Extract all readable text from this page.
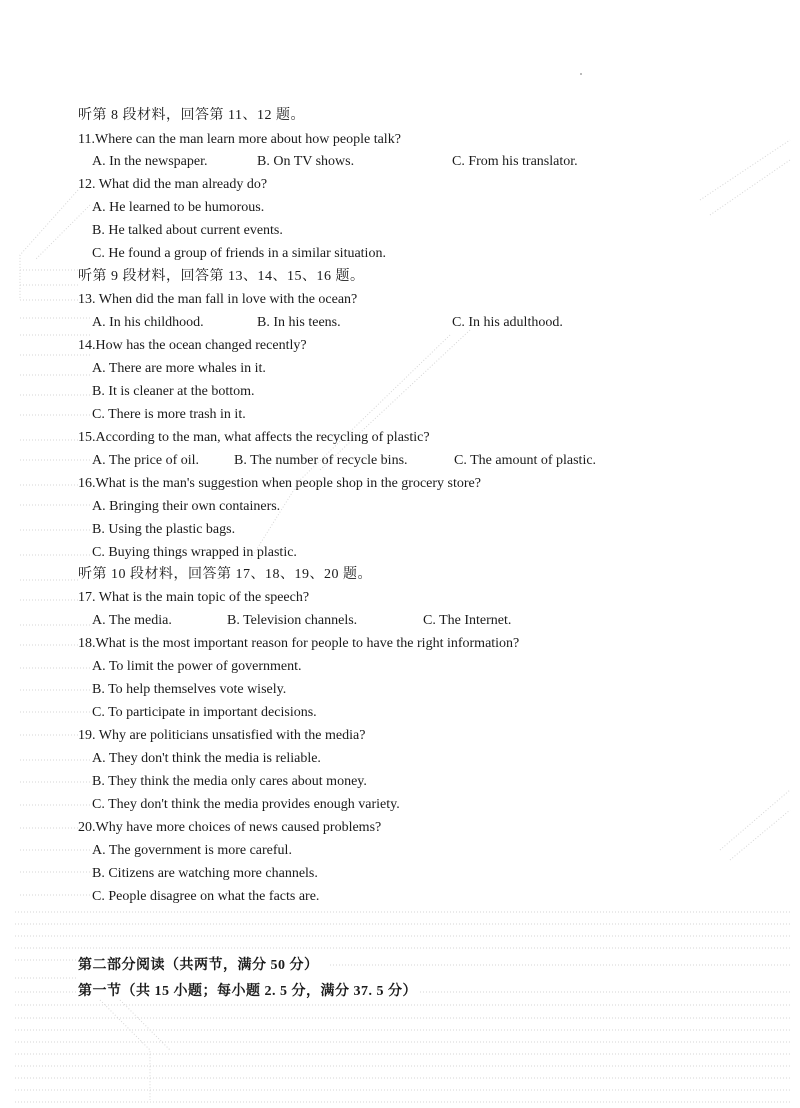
听第 8 段材料，回答第 11、12 题。
11.Where can the man learn more about how people talk?
A. In the newspaper.	B. On TV shows.	C. From his translator.
12. What did the man already do?
A. He learned to be humorous.
B. He talked about current events.
C. He found a group of friends in a similar situation.
听第 9 段材料，回答第 13、14、15、16 题。
13. When did the man fall in love with the ocean?
A. In his childhood.	B. In his teens.	C. In his adulthood.
14.How has the ocean changed recently?
A. There are more whales in it.
B. It is cleaner at the bottom.
C. There is more trash in it.
15.According to the man, what affects the recycling of plastic?
A. The price of oil. B. The number of recycle bins.	C. The amount of plastic.
16.What is the man's suggestion when people shop in the grocery store?
A. Bringing their own containers.
B. Using the plastic bags.
C. Buying things wrapped in plastic.
听第 10 段材料，回答第 17、18、19、20 题。
17. What is the main topic of the speech?
A. The media.	B. Television channels.	C. The Internet.
18.What is the most important reason for people to have the right information?
A. To limit the power of government.
B. To help themselves vote wisely.
C. To participate in important decisions.
19. Why are politicians unsatisfied with the media?
A. They don't think the media is reliable.
B. They think the media only cares about money.
C. They don't think the media provides enough variety.
20.Why have more choices of news caused problems?
A. The government is more careful.
B. Citizens are watching more channels.
C. People disagree on what the facts are.
第二部分阅读（共两节，满分 50 分）
第一节（共 15 小题；每小题 2. 5 分，满分 37. 5 分）
